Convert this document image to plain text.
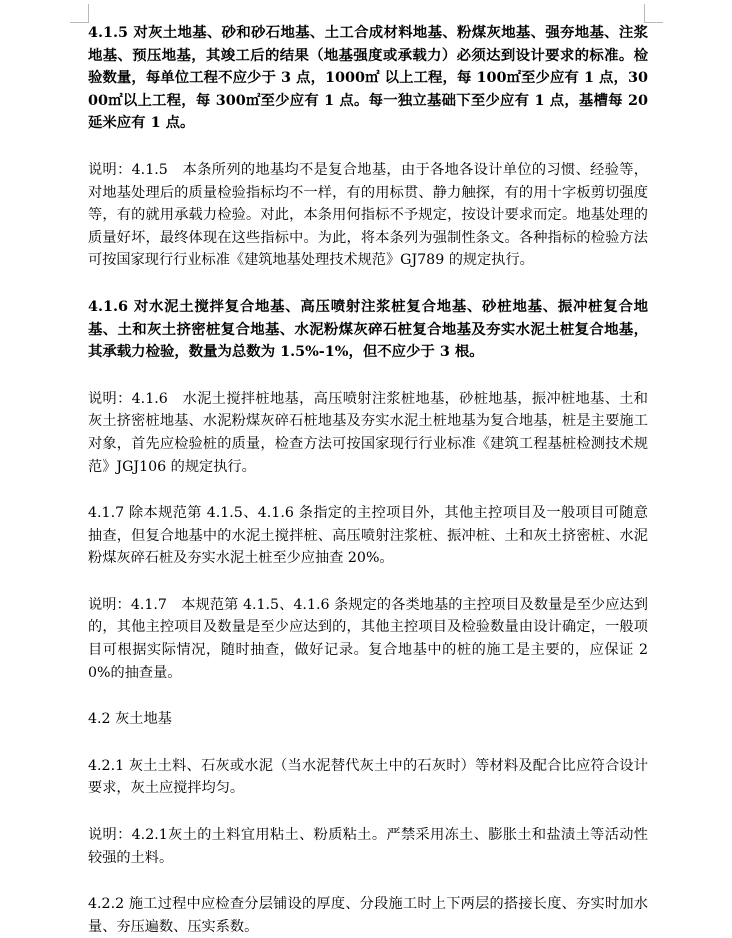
4.1.5 对灰土地基、砂和砂石地基、土工合成材料地基、粉煤灰地基、强夯地基、注浆地基、预压地基，其竣工后的结果（地基强度或承载力）必须达到设计要求的标准。检验数量，每单位工程不应少于 3 点，1000㎡ 以上工程，每 100㎡至少应有 1 点，3000㎡以上工程，每 300㎡至少应有 1 点。每一独立基础下至少应有 1 点，基槽每 20 延米应有 1 点。

说明：4.1.5　本条所列的地基均不是复合地基，由于各地各设计单位的习惯、经验等，对地基处理后的质量检验指标均不一样，有的用标贯、静力触探，有的用十字板剪切强度等，有的就用承载力检验。对此，本条用何指标不予规定，按设计要求而定。地基处理的质量好坏，最终体现在这些指标中。为此，将本条列为强制性条文。各种指标的检验方法可按国家现行行业标准《建筑地基处理技术规范》GJ789 的规定执行。

4.1.6 对水泥土搅拌复合地基、高压喷射注浆桩复合地基、砂桩地基、振冲桩复合地基、土和灰土挤密桩复合地基、水泥粉煤灰碎石桩复合地基及夯实水泥土桩复合地基，其承载力检验，数量为总数为 1.5%-1%，但不应少于 3 根。

说明：4.1.6　水泥土搅拌桩地基，高压喷射注浆桩地基，砂桩地基，振冲桩地基、土和灰土挤密桩地基、水泥粉煤灰碎石桩地基及夯实水泥土桩地基为复合地基，桩是主要施工对象，首先应检验桩的质量，检查方法可按国家现行行业标准《建筑工程基桩检测技术规范》JGJ106 的规定执行。

4.1.7 除本规范第 4.1.5、4.1.6 条指定的主控项目外，其他主控项目及一般项目可随意抽查，但复合地基中的水泥土搅拌桩、高压喷射注浆桩、振冲桩、土和灰土挤密桩、水泥粉煤灰碎石桩及夯实水泥土桩至少应抽查 20%。

说明：4.1.7　本规范第 4.1.5、4.1.6 条规定的各类地基的主控项目及数量是至少应达到的，其他主控项目及数量是至少应达到的，其他主控项目及检验数量由设计确定，一般项目可根据实际情况，随时抽查，做好记录。复合地基中的桩的施工是主要的，应保证 20%的抽查量。

4.2 灰土地基

4.2.1 灰土土料、石灰或水泥（当水泥替代灰土中的石灰时）等材料及配合比应符合设计要求，灰土应搅拌均匀。

说明：4.2.1灰土的土料宜用粘土、粉质粘土。严禁采用冻土、膨胀土和盐渍土等活动性较强的土料。

4.2.2 施工过程中应检查分层铺设的厚度、分段施工时上下两层的搭接长度、夯实时加水量、夯压遍数、压实系数。
